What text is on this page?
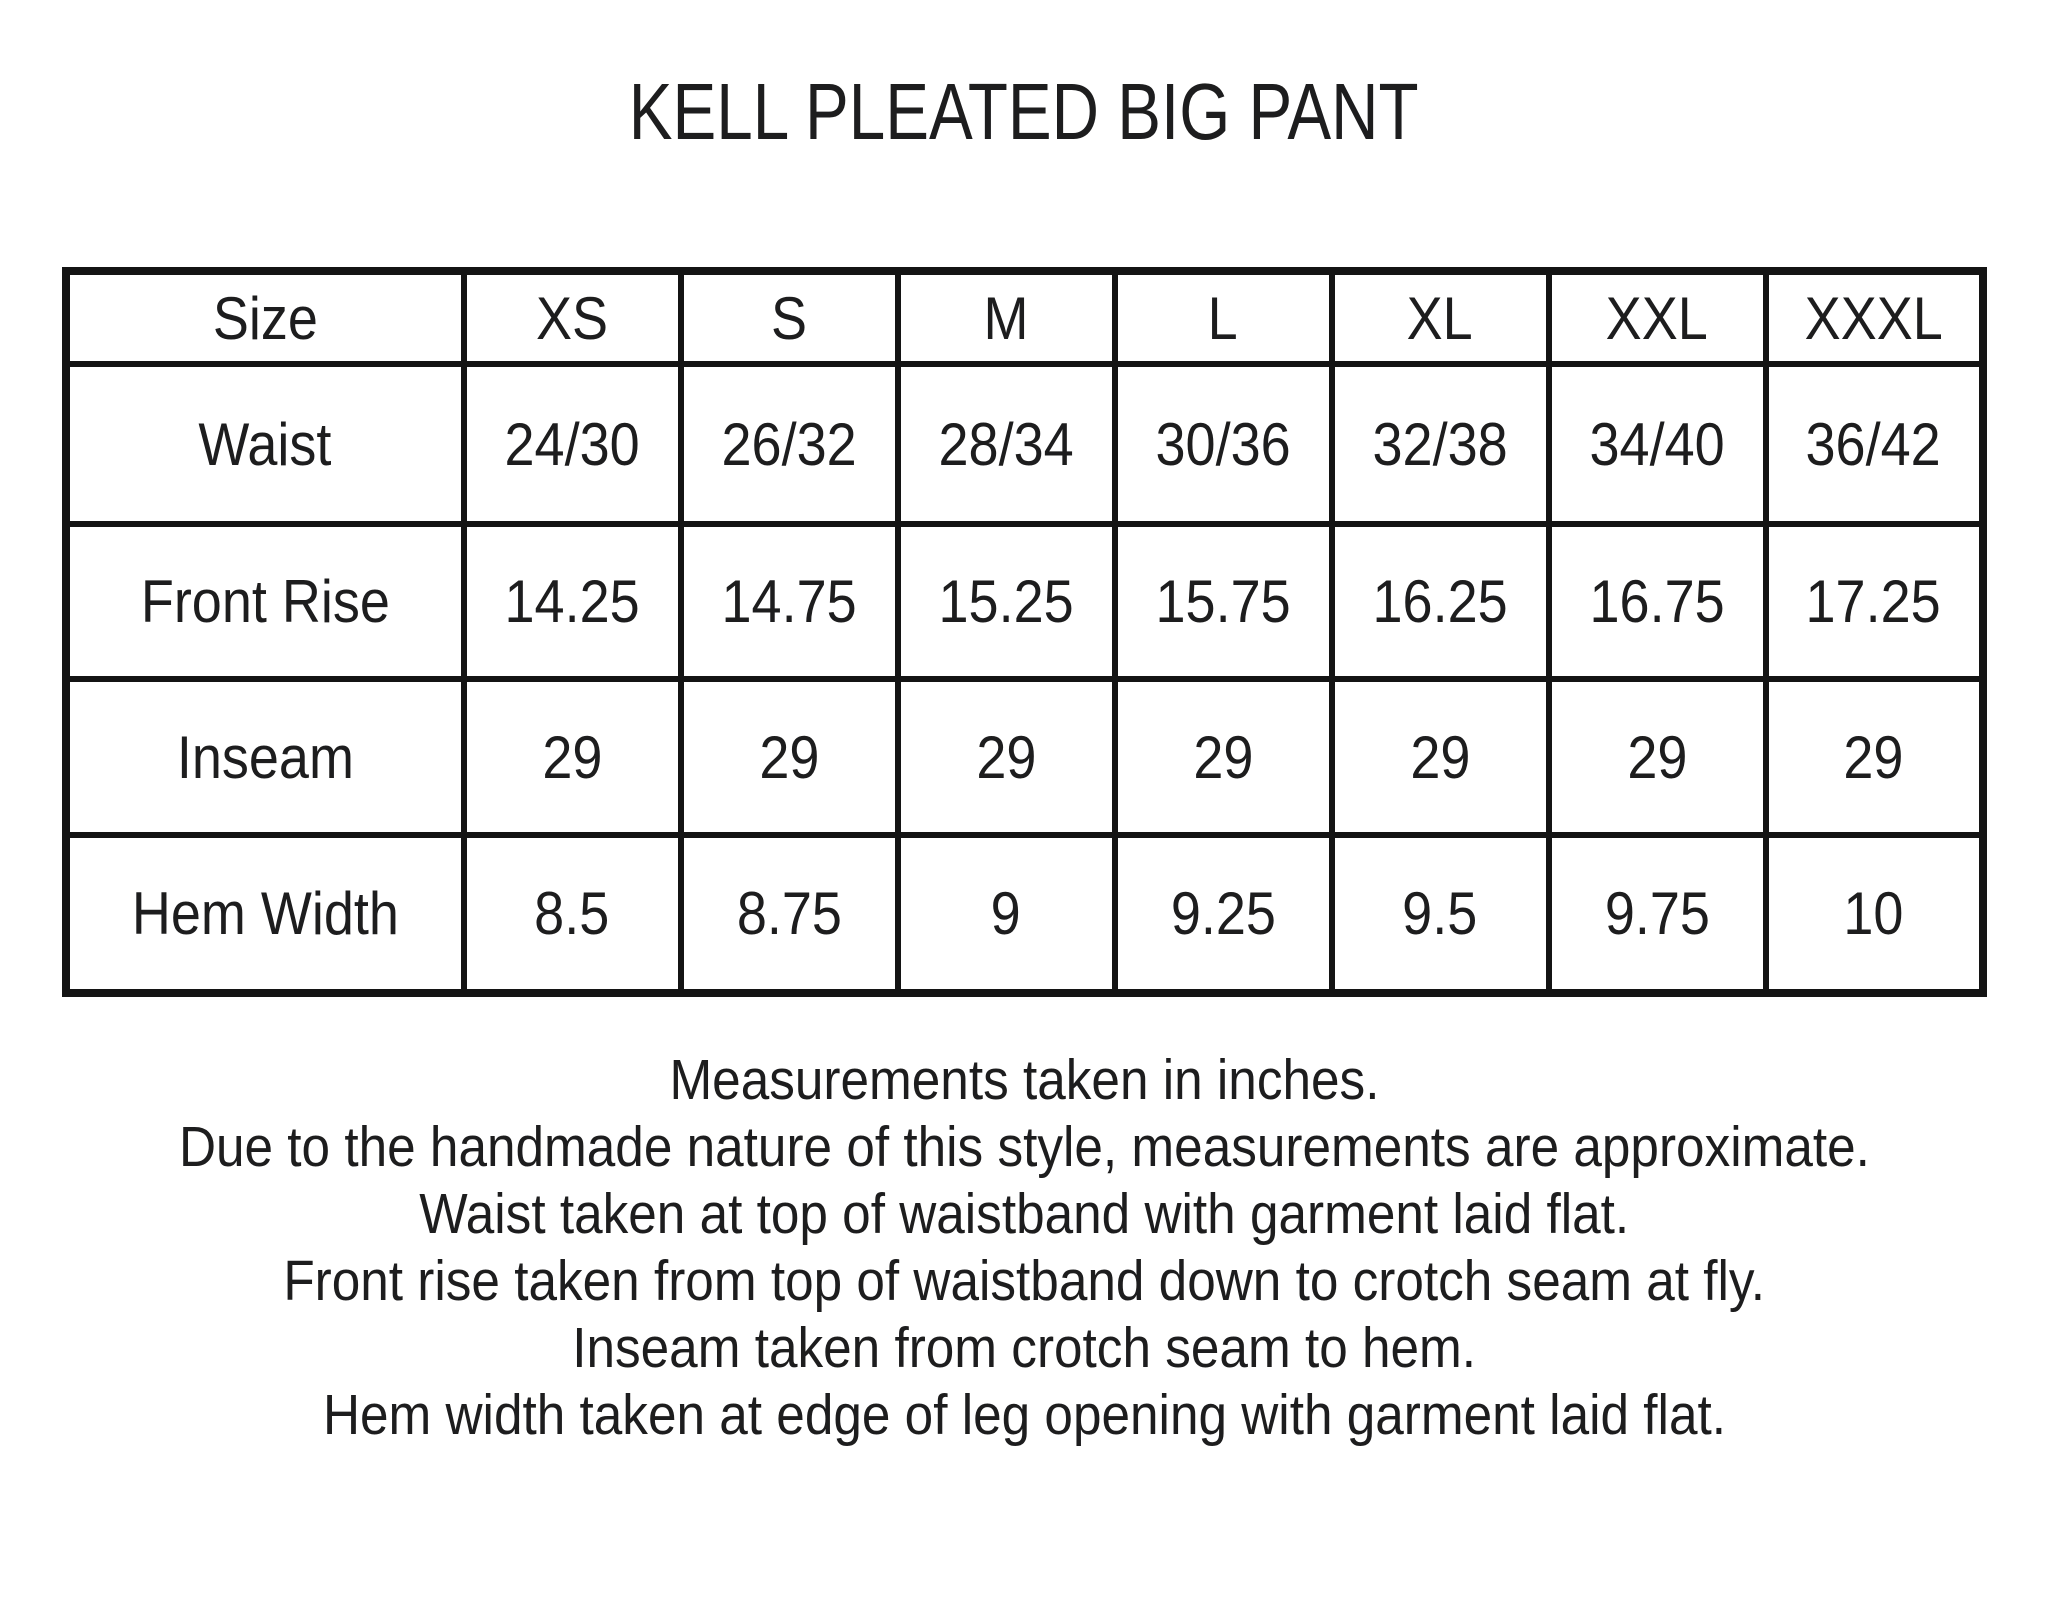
KELL PLEATED BIG PANT
Size	XS	S	M	L	XL	XXL	XXXL
Waist	24/30	26/32	28/34	30/36	32/38	34/40	36/42
Front Rise	14.25	14.75	15.25	15.75	16.25	16.75	17.25
Inseam	29	29	29	29	29	29	29
Hem Width	8.5	8.75	9	9.25	9.5	9.75	10
Measurements taken in inches.
Due to the handmade nature of this style, measurements are approximate.
Waist taken at top of waistband with garment laid flat.
Front rise taken from top of waistband down to crotch seam at fly.
Inseam taken from crotch seam to hem.
Hem width taken at edge of leg opening with garment laid flat.
